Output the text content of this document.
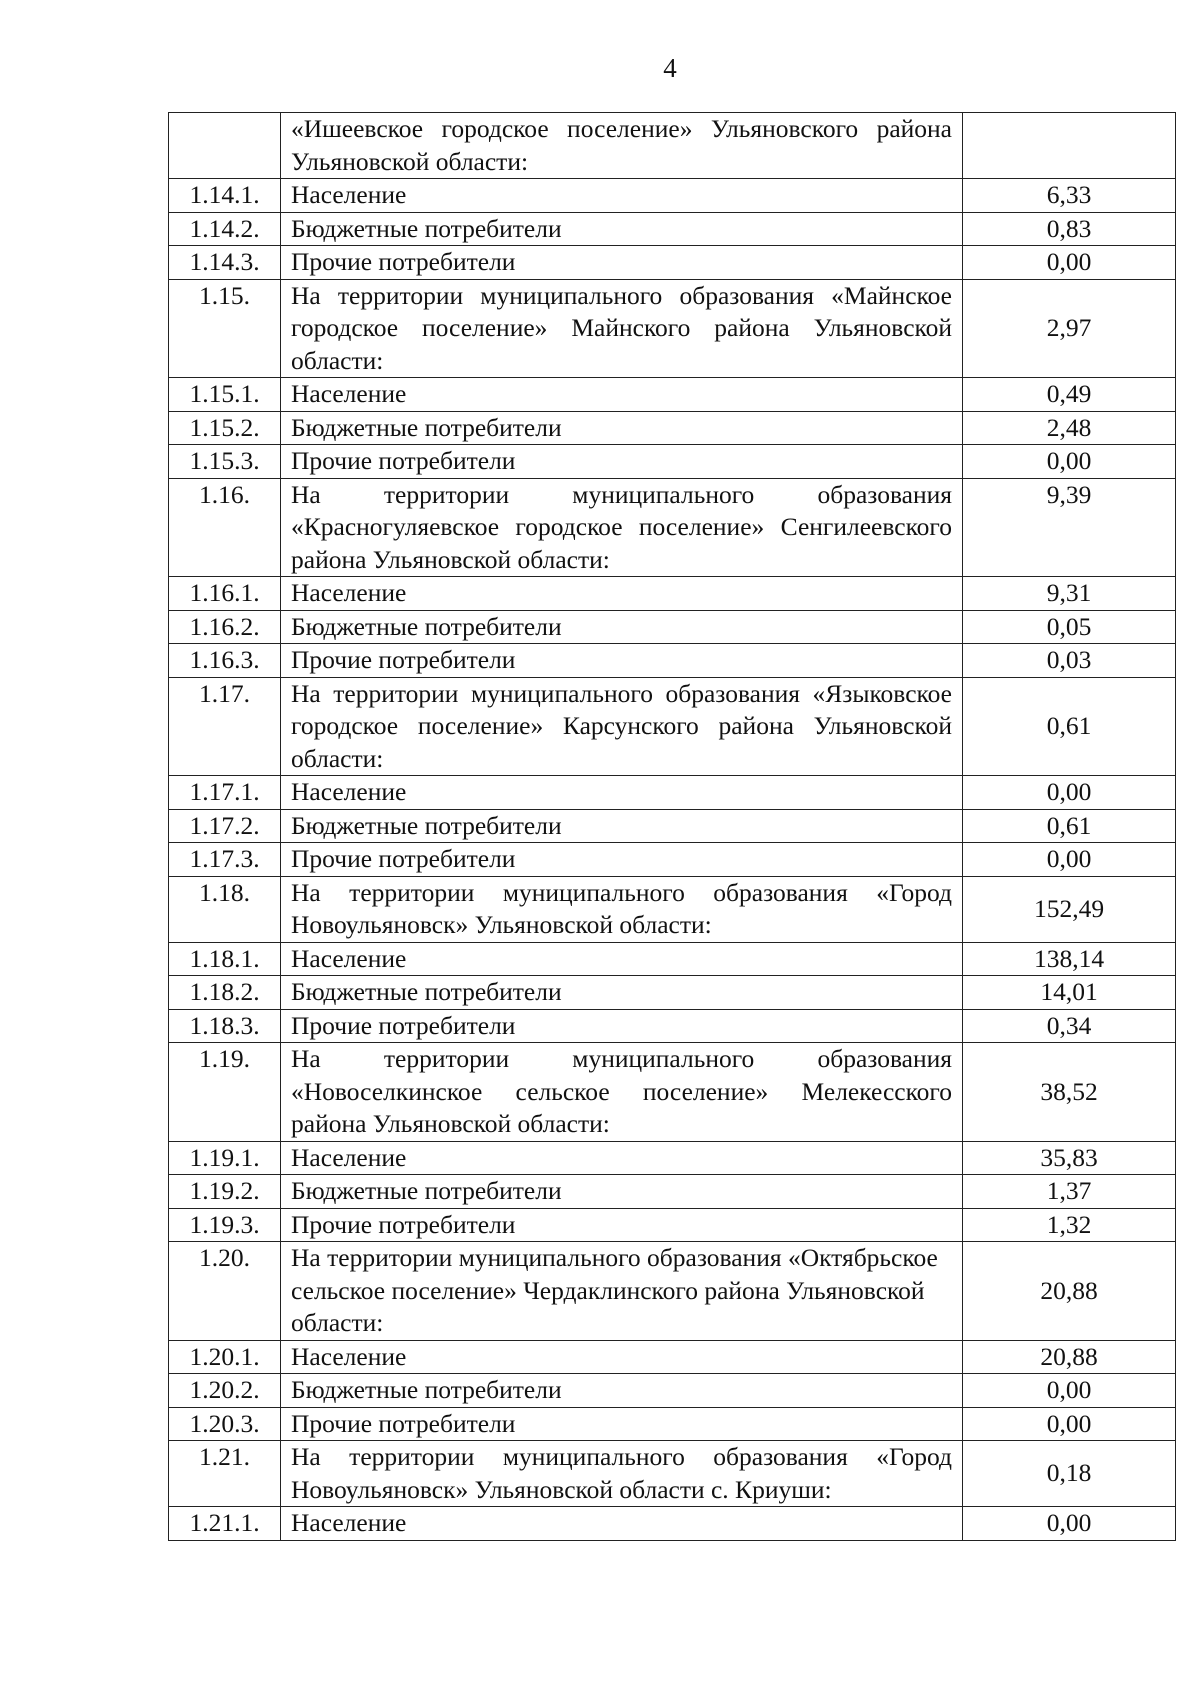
4
	«Ишеевское городское поселение» Ульяновского района Ульяновской области:	
1.14.1.	Население	6,33
1.14.2.	Бюджетные потребители	0,83
1.14.3.	Прочие потребители	0,00
1.15.	На территории муниципального образования «Майнское городское поселение» Майнского района Ульяновской области:	2,97
1.15.1.	Население	0,49
1.15.2.	Бюджетные потребители	2,48
1.15.3.	Прочие потребители	0,00
1.16.	На территории муниципального образования «Красногуляевское городское поселение» Сенгилеевского района Ульяновской области:	9,39
1.16.1.	Население	9,31
1.16.2.	Бюджетные потребители	0,05
1.16.3.	Прочие потребители	0,03
1.17.	На территории муниципального образования «Языковское городское поселение» Карсунского района Ульяновской области:	0,61
1.17.1.	Население	0,00
1.17.2.	Бюджетные потребители	0,61
1.17.3.	Прочие потребители	0,00
1.18.	На территории муниципального образования «Город Новоульяновск» Ульяновской области:	152,49
1.18.1.	Население	138,14
1.18.2.	Бюджетные потребители	14,01
1.18.3.	Прочие потребители	0,34
1.19.	На территории муниципального образования «Новоселкинское сельское поселение» Мелекесского района Ульяновской области:	38,52
1.19.1.	Население	35,83
1.19.2.	Бюджетные потребители	1,37
1.19.3.	Прочие потребители	1,32
1.20.	На территории муниципального образования «Октябрьское сельское поселение» Чердаклинского района Ульяновской области:	20,88
1.20.1.	Население	20,88
1.20.2.	Бюджетные потребители	0,00
1.20.3.	Прочие потребители	0,00
1.21.	На территории муниципального образования «Город Новоульяновск» Ульяновской области с. Криуши:	0,18
1.21.1.	Население	0,00
